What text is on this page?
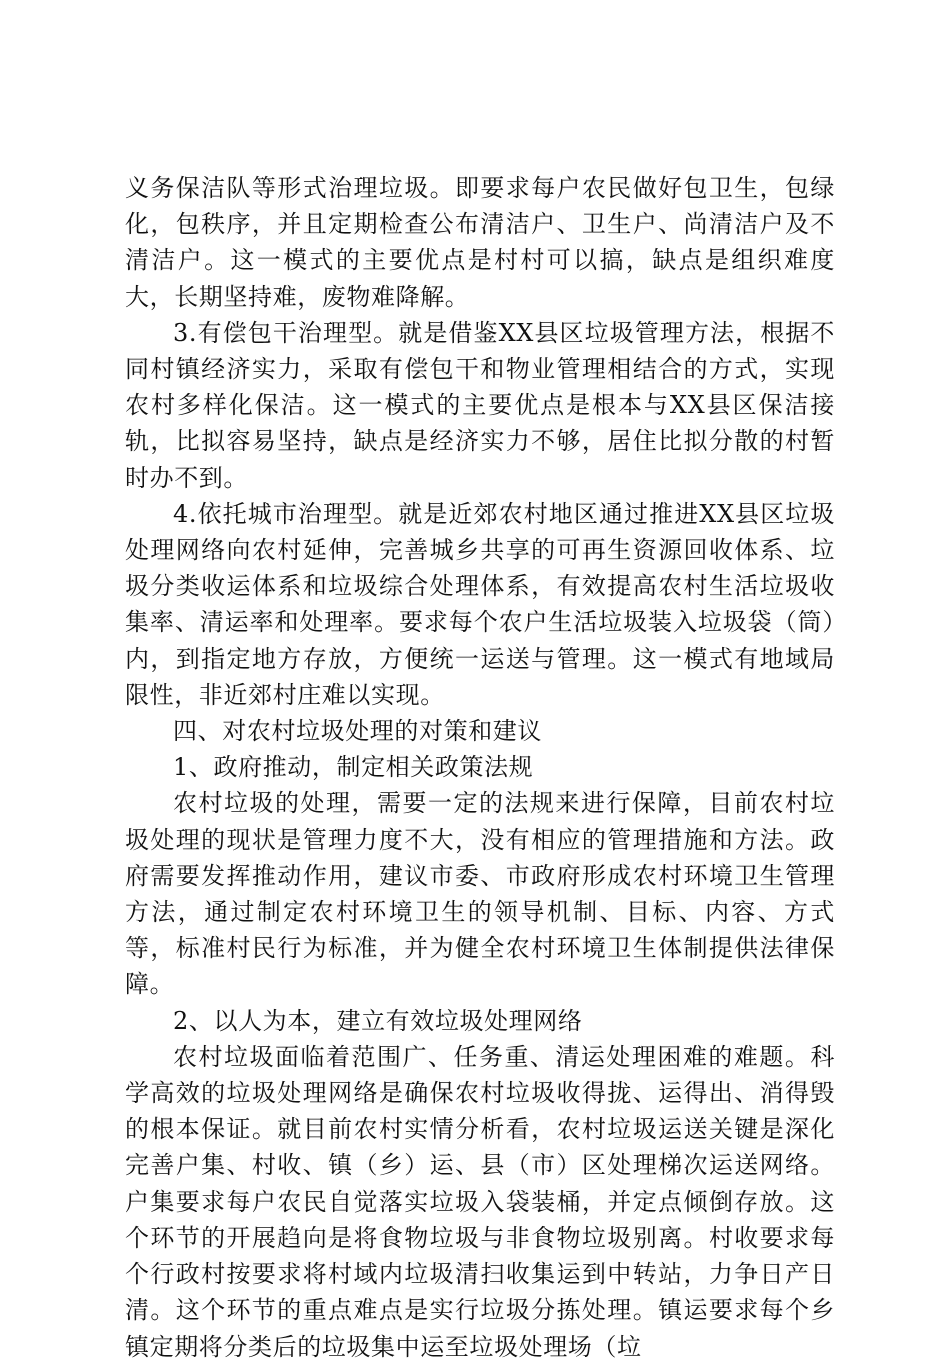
义务保洁队等形式治理垃圾。即要求每户农民做好包卫生，包绿化，包秩序，并且定期检查公布清洁户、卫生户、尚清洁户及不清洁户。这一模式的主要优点是村村可以搞，缺点是组织难度大，长期坚持难，废物难降解。

3.有偿包干治理型。就是借鉴XX县区垃圾管理方法，根据不同村镇经济实力，采取有偿包干和物业管理相结合的方式，实现农村多样化保洁。这一模式的主要优点是根本与XX县区保洁接轨，比拟容易坚持，缺点是经济实力不够，居住比拟分散的村暂时办不到。

4.依托城市治理型。就是近郊农村地区通过推进XX县区垃圾处理网络向农村延伸，完善城乡共享的可再生资源回收体系、垃圾分类收运体系和垃圾综合处理体系，有效提高农村生活垃圾收集率、清运率和处理率。要求每个农户生活垃圾装入垃圾袋（筒）内，到指定地方存放，方便统一运送与管理。这一模式有地域局限性，非近郊村庄难以实现。

四、对农村垃圾处理的对策和建议

1、政府推动，制定相关政策法规

农村垃圾的处理，需要一定的法规来进行保障，目前农村垃圾处理的现状是管理力度不大，没有相应的管理措施和方法。政府需要发挥推动作用，建议市委、市政府形成农村环境卫生管理方法，通过制定农村环境卫生的领导机制、目标、内容、方式等，标准村民行为标准，并为健全农村环境卫生体制提供法律保障。

2、以人为本，建立有效垃圾处理网络

农村垃圾面临着范围广、任务重、清运处理困难的难题。科学高效的垃圾处理网络是确保农村垃圾收得拢、运得出、消得毁的根本保证。就目前农村实情分析看，农村垃圾运送关键是深化完善户集、村收、镇（乡）运、县（市）区处理梯次运送网络。户集要求每户农民自觉落实垃圾入袋装桶，并定点倾倒存放。这个环节的开展趋向是将食物垃圾与非食物垃圾别离。村收要求每个行政村按要求将村域内垃圾清扫收集运到中转站，力争日产日清。这个环节的重点难点是实行垃圾分拣处理。镇运要求每个乡镇定期将分类后的垃圾集中运至垃圾处理场（垃
